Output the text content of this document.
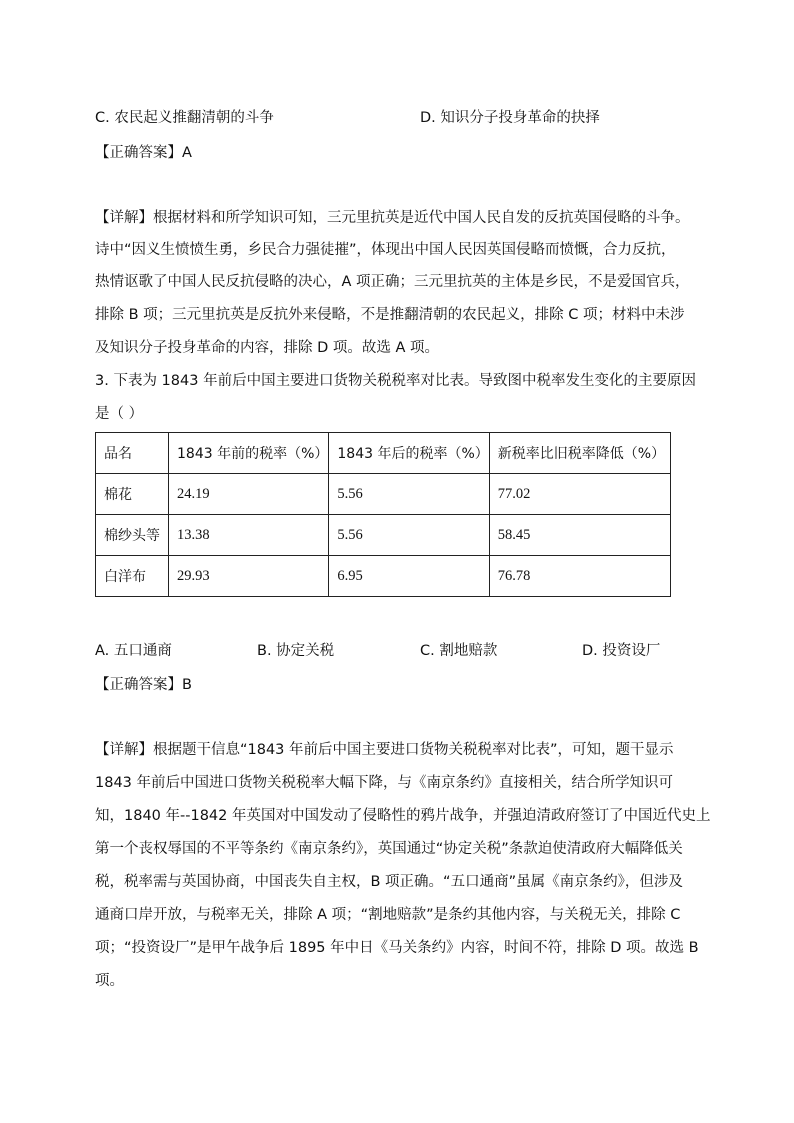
C. 农民起义推翻清朝的斗争	D. 知识分子投身革命的抉择
【正确答案】A
【详解】根据材料和所学知识可知，三元里抗英是近代中国人民自发的反抗英国侵略的斗争。
诗中“因义生愤愤生勇，乡民合力强徒摧”，体现出中国人民因英国侵略而愤慨，合力反抗，
热情讴歌了中国人民反抗侵略的决心，A 项正确；三元里抗英的主体是乡民，不是爱国官兵，
排除 B 项；三元里抗英是反抗外来侵略，不是推翻清朝的农民起义，排除 C 项；材料中未涉
及知识分子投身革命的内容，排除 D 项。故选 A 项。
3. 下表为 1843 年前后中国主要进口货物关税税率对比表。导致图中税率发生变化的主要原因
是（ ）
品名	1843 年前的税率（%）	1843 年后的税率（%）	新税率比旧税率降低（%）
棉花	24.19	5.56	77.02
棉纱头等	13.38	5.56	58.45
白洋布	29.93	6.95	76.78
A. 五口通商	B. 协定关税	C. 割地赔款	D. 投资设厂
【正确答案】B
【详解】根据题干信息“1843 年前后中国主要进口货物关税税率对比表”，可知，题干显示
1843 年前后中国进口货物关税税率大幅下降，与《南京条约》直接相关，结合所学知识可
知，1840 年--1842 年英国对中国发动了侵略性的鸦片战争，并强迫清政府签订了中国近代史上
第一个丧权辱国的不平等条约《南京条约》，英国通过“协定关税”条款迫使清政府大幅降低关
税，税率需与英国协商，中国丧失自主权，B 项正确。“五口通商”虽属《南京条约》，但涉及
通商口岸开放，与税率无关，排除 A 项；“割地赔款”是条约其他内容，与关税无关，排除 C
项；“投资设厂”是甲午战争后 1895 年中日《马关条约》内容，时间不符，排除 D 项。故选 B
项。
